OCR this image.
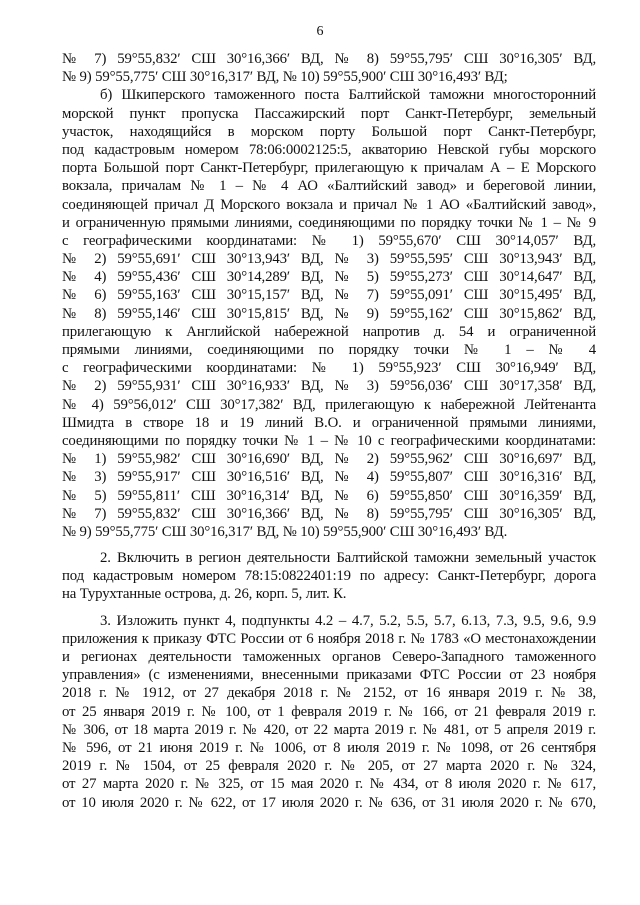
6
№ 7) 59°55,832′ СШ 30°16,366′ ВД, № 8) 59°55,795′ СШ 30°16,305′ ВД,
№ 9) 59°55,775′ СШ 30°16,317′ ВД, № 10) 59°55,900′ СШ 30°16,493′ ВД;
б) Шкиперского таможенного поста Балтийской таможни многосторонний
морской пункт пропуска Пассажирский порт Санкт-Петербург, земельный
участок, находящийся в морском порту Большой порт Санкт-Петербург,
под кадастровым номером 78:06:0002125:5, акваторию Невской губы морского
порта Большой порт Санкт-Петербург, прилегающую к причалам А – Е Морского
вокзала, причалам № 1 – № 4 АО «Балтийский завод» и береговой линии,
соединяющей причал Д Морского вокзала и причал № 1 АО «Балтийский завод»,
и ограниченную прямыми линиями, соединяющими по порядку точки № 1 – № 9
с географическими координатами: № 1) 59°55,670′ СШ 30°14,057′ ВД,
№ 2) 59°55,691′ СШ 30°13,943′ ВД, № 3) 59°55,595′ СШ 30°13,943′ ВД,
№ 4) 59°55,436′ СШ 30°14,289′ ВД, № 5) 59°55,273′ СШ 30°14,647′ ВД,
№ 6) 59°55,163′ СШ 30°15,157′ ВД, № 7) 59°55,091′ СШ 30°15,495′ ВД,
№ 8) 59°55,146′ СШ 30°15,815′ ВД, № 9) 59°55,162′ СШ 30°15,862′ ВД,
прилегающую к Английской набережной напротив д. 54 и ограниченной
прямыми линиями, соединяющими по порядку точки № 1 – № 4
с географическими координатами: № 1) 59°55,923′ СШ 30°16,949′ ВД,
№ 2) 59°55,931′ СШ 30°16,933′ ВД, № 3) 59°56,036′ СШ 30°17,358′ ВД,
№ 4) 59°56,012′ СШ 30°17,382′ ВД, прилегающую к набережной Лейтенанта
Шмидта в створе 18 и 19 линий В.О. и ограниченной прямыми линиями,
соединяющими по порядку точки № 1 – № 10 с географическими координатами:
№ 1) 59°55,982′ СШ 30°16,690′ ВД, № 2) 59°55,962′ СШ 30°16,697′ ВД,
№ 3) 59°55,917′ СШ 30°16,516′ ВД, № 4) 59°55,807′ СШ 30°16,316′ ВД,
№ 5) 59°55,811′ СШ 30°16,314′ ВД, № 6) 59°55,850′ СШ 30°16,359′ ВД,
№ 7) 59°55,832′ СШ 30°16,366′ ВД, № 8) 59°55,795′ СШ 30°16,305′ ВД,
№ 9) 59°55,775′ СШ 30°16,317′ ВД, № 10) 59°55,900′ СШ 30°16,493′ ВД.
2. Включить в регион деятельности Балтийской таможни земельный участок
под кадастровым номером 78:15:0822401:19 по адресу: Санкт-Петербург, дорога
на Турухтанные острова, д. 26, корп. 5, лит. К.
3. Изложить пункт 4, подпункты 4.2 – 4.7, 5.2, 5.5, 5.7, 6.13, 7.3, 9.5, 9.6, 9.9
приложения к приказу ФТС России от 6 ноября 2018 г. № 1783 «О местонахождении
и регионах деятельности таможенных органов Северо-Западного таможенного
управления» (с изменениями, внесенными приказами ФТС России от 23 ноября
2018 г. № 1912, от 27 декабря 2018 г. № 2152, от 16 января 2019 г. № 38,
от 25 января 2019 г. № 100, от 1 февраля 2019 г. № 166, от 21 февраля 2019 г.
№ 306, от 18 марта 2019 г. № 420, от 22 марта 2019 г. № 481, от 5 апреля 2019 г.
№ 596, от 21 июня 2019 г. № 1006, от 8 июля 2019 г. № 1098, от 26 сентября
2019 г. № 1504, от 25 февраля 2020 г. № 205, от 27 марта 2020 г. № 324,
от 27 марта 2020 г. № 325, от 15 мая 2020 г. № 434, от 8 июля 2020 г. № 617,
от 10 июля 2020 г. № 622, от 17 июля 2020 г. № 636, от 31 июля 2020 г. № 670,
